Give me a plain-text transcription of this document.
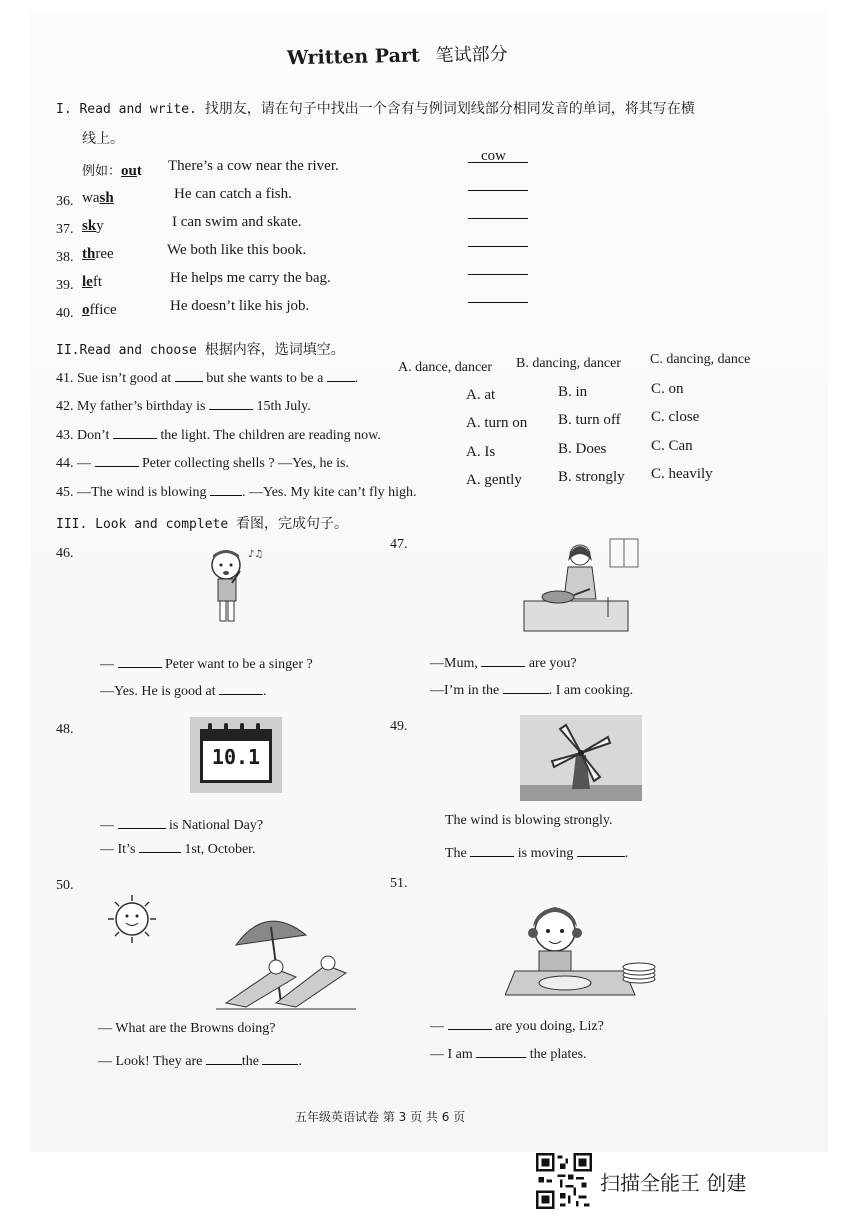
Written Part 笔试部分
I. Read and write. 找朋友，请在句子中找出一个含有与例词划线部分相同发音的单词，将其写在横
线上。
例如：out There’s a cow near the river.
cow
36. wash	He can catch a fish.
37. sky	I can swim and skate.
38. three	We both like this book.
39. left	He helps me carry the bag.
40. office	He doesn’t like his job.
II.Read and choose 根据内容，选词填空。
41. Sue isn’t good at	but she wants to be a .
A. dance, dancer B. dancing, dancer C. dancing, dance
42. My father’s birthday is	15th July.
A. at	B. in	C. on
43. Don’t	the light. The children are reading now.
A. turn on B. turn off C. close
44. —	Peter collecting shells ? —Yes, he is.
A. Is	B. Does	C. Can
45. —The wind is blowing	. —Yes. My kite can’t fly high.
A. gently B. strongly C. heavily
III. Look and complete 看图，完成句子。
46.	♪♫
—	Peter want to be a singer ?
—Yes. He is good at	.
47.
—Mum,	are you?
—I’m in the	. I am cooking.
48.
10.1
—	is National Day?
— It’s	1st, October.
49.
The wind is blowing strongly.
The	is moving	.
50.
— What are the Browns doing?
— Look! They are	the	.
51.
—	are you doing, Liz?
— I am	the plates.
五年级英语试卷 第 3 页 共 6 页
扫描全能王 创建
